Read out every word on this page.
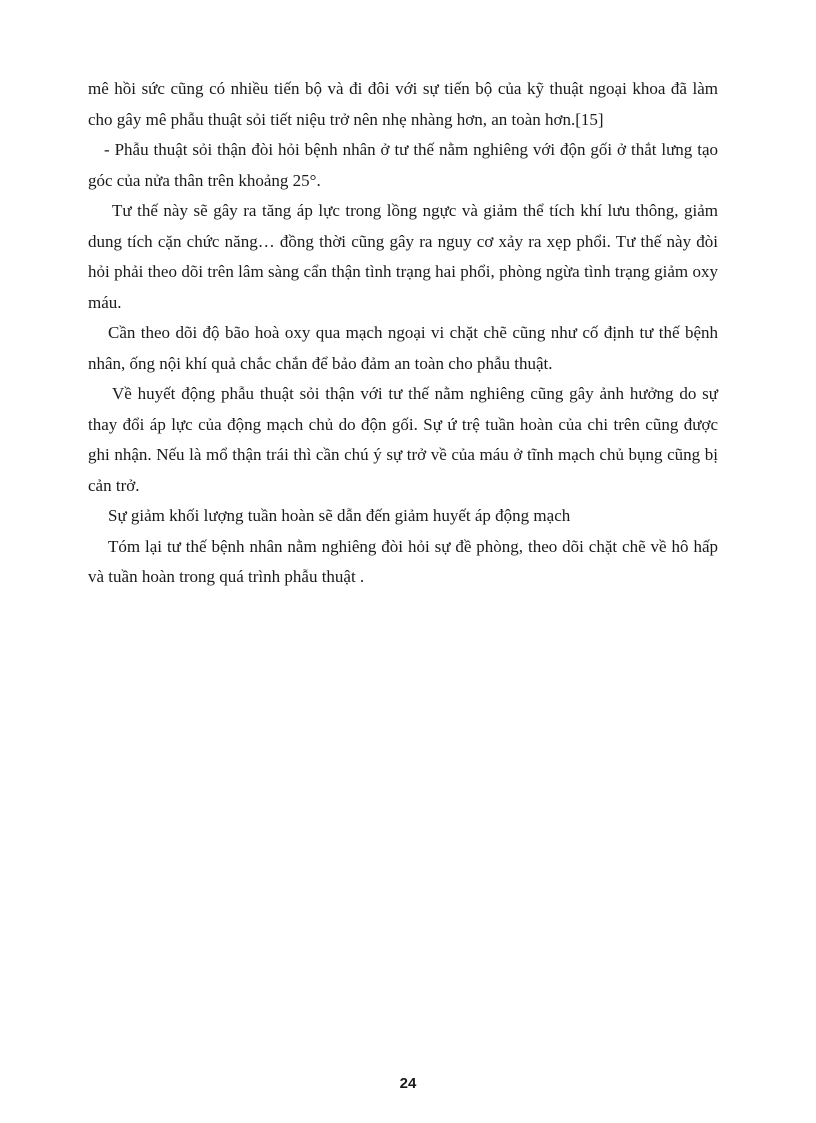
mê hồi sức cũng có nhiều tiến bộ và đi đôi với sự tiến bộ của kỹ thuật ngoại khoa đã làm cho gây mê phẫu thuật sỏi tiết niệu trở nên nhẹ nhàng hơn, an toàn hơn.[15]

- Phẫu thuật sỏi thận đòi hỏi bệnh nhân ở tư thế nằm nghiêng với độn gối ở thắt lưng tạo góc của nửa thân trên khoảng 25°.

Tư thế này sẽ gây ra tăng áp lực trong lồng ngực và giảm thể tích khí lưu thông, giảm dung tích cặn chức năng… đồng thời cũng gây ra nguy cơ xảy ra xẹp phổi. Tư thế này đòi hỏi phải theo dõi trên lâm sàng cẩn thận tình trạng hai phổi, phòng ngừa tình trạng giảm oxy máu.

Cần theo dõi độ bão hoà oxy qua mạch ngoại vi chặt chẽ cũng như cố định tư thế bệnh nhân, ống nội khí quả chắc chắn để bảo đảm an toàn cho phẫu thuật.

Về huyết động phẫu thuật sỏi thận với tư thế nằm nghiêng cũng gây ảnh hưởng do sự thay đổi áp lực của động mạch chủ do độn gối. Sự ứ trệ tuần hoàn của chi trên cũng được ghi nhận. Nếu là mổ thận trái thì cần chú ý sự trở về của máu ở tĩnh mạch chủ bụng cũng bị cản trở.

Sự giảm khối lượng tuần hoàn sẽ dẫn đến giảm huyết áp động mạch

Tóm lại tư thế bệnh nhân nằm nghiêng đòi hỏi sự đề phòng, theo dõi chặt chẽ về hô hấp và tuần hoàn trong quá trình phẫu thuật .

24
